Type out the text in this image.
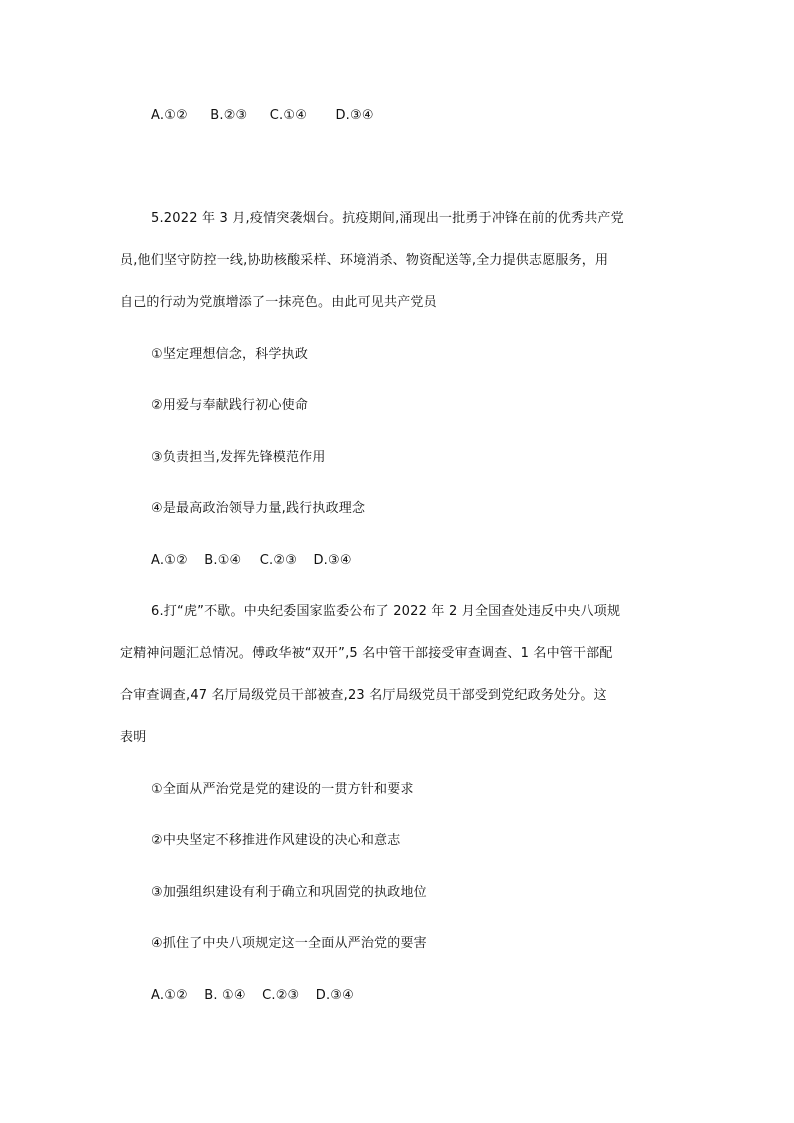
A.①② B.②③ C.①④ D.③④
5.2022 年 3 月,疫情突袭烟台。抗疫期间,涌现出一批勇于冲锋在前的优秀共产党
员,他们坚守防控一线,协助核酸采样、环境消杀、物资配送等,全力提供志愿服务，用
自己的行动为党旗增添了一抹亮色。由此可见共产党员
①坚定理想信念，科学执政
②用爱与奉献践行初心使命
③负责担当,发挥先锋模范作用
④是最高政治领导力量,践行执政理念
A.①② B.①④ C.②③ D.③④
6.打“虎”不歇。中央纪委国家监委公布了 2022 年 2 月全国查处违反中央八项规
定精神问题汇总情况。傅政华被“双开”,5 名中管干部接受审查调查、1 名中管干部配
合审查调查,47 名厅局级党员干部被查,23 名厅局级党员干部受到党纪政务处分。这
表明
①全面从严治党是党的建设的一贯方针和要求
②中央坚定不移推进作风建设的决心和意志
③加强组织建设有利于确立和巩固党的执政地位
④抓住了中央八项规定这一全面从严治党的要害
A.①② B. ①④ C.②③ D.③④
